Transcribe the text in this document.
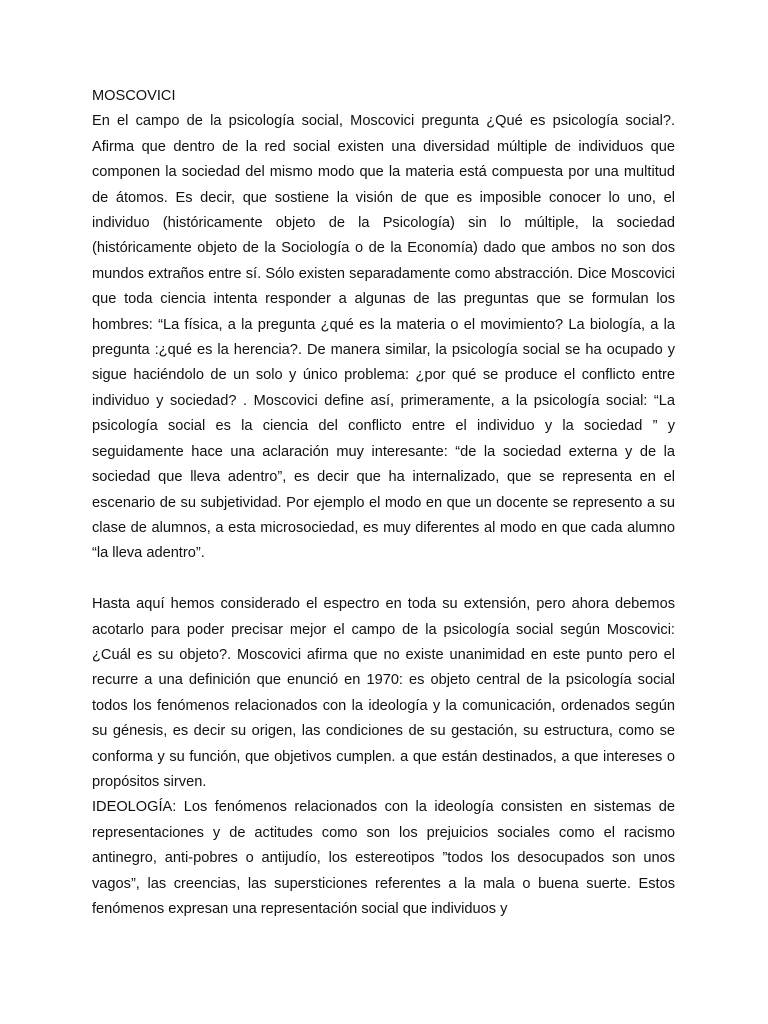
MOSCOVICI

En el campo de la psicología social, Moscovici pregunta ¿Qué es psicología social?. Afirma que dentro de la red social existen una diversidad múltiple de individuos que componen la sociedad del mismo modo que la materia está compuesta por una multitud de átomos. Es decir, que sostiene la visión de que es imposible conocer lo uno, el individuo (históricamente objeto de la Psicología) sin lo múltiple, la sociedad (históricamente objeto de la Sociología o de la Economía) dado que ambos no son dos mundos extraños entre sí. Sólo existen separadamente como abstracción. Dice Moscovici que toda ciencia intenta responder a algunas de las preguntas que se formulan los hombres: “La física, a la pregunta ¿qué es la materia o el movimiento? La biología, a la pregunta :¿qué es la herencia?. De manera similar, la psicología social se ha ocupado y sigue haciéndolo de un solo y único problema: ¿por qué se produce el conflicto entre individuo y sociedad? . Moscovici define así, primeramente, a la psicología social: “La psicología social es la ciencia del conflicto entre el individuo y la sociedad ” y seguidamente hace una aclaración muy interesante: “de la sociedad externa y de la sociedad que lleva adentro”, es decir que ha internalizado, que se representa en el escenario de su subjetividad. Por ejemplo el modo en que un docente se represento a su clase de alumnos, a esta microsociedad, es muy diferentes al modo en que cada alumno “la lleva adentro”.

Hasta aquí hemos considerado el espectro en toda su extensión, pero ahora debemos acotarlo para poder precisar mejor el campo de la psicología social según Moscovici: ¿Cuál es su objeto?. Moscovici afirma que no existe unanimidad en este punto pero el recurre a una definición que enunció en 1970: es objeto central de la psicología social todos los fenómenos relacionados con la ideología y la comunicación, ordenados según su génesis, es decir su origen, las condiciones de su gestación, su estructura, como se conforma y su función, que objetivos cumplen. a que están destinados, a que intereses o propósitos sirven.

IDEOLOGÍA: Los fenómenos relacionados con la ideología consisten en sistemas de representaciones y de actitudes como son los prejuicios sociales como el racismo antinegro, anti-pobres o antijudío, los estereotipos ”todos los desocupados son unos vagos”, las creencias, las supersticiones referentes a la mala o buena suerte. Estos fenómenos expresan una representación social que individuos y
